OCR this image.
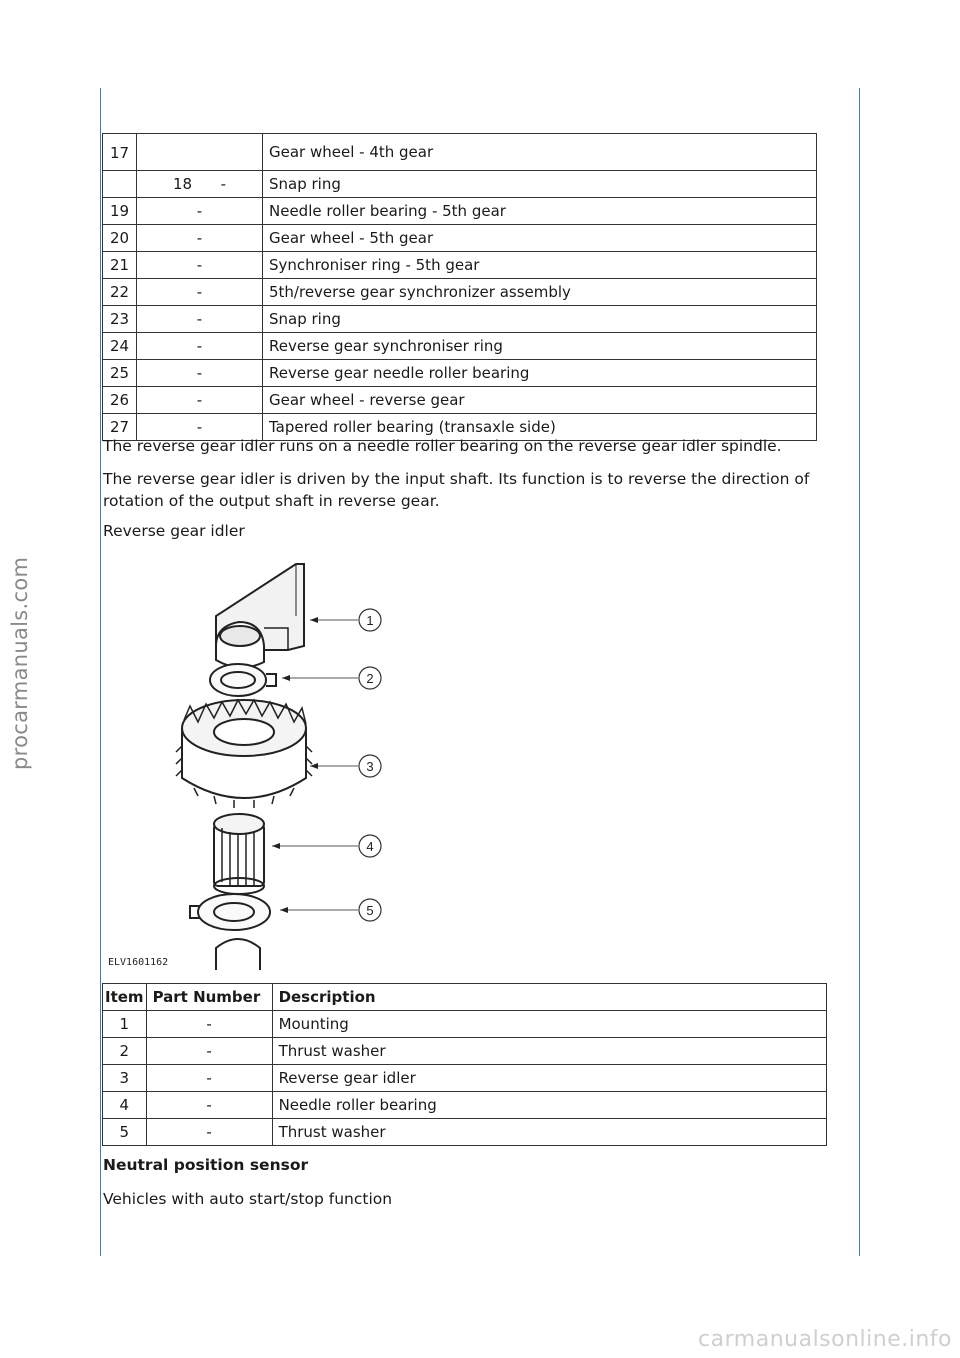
procarmanuals.com
carmanualsonline.info
17		Gear wheel - 4th gear
	18      -	Snap ring
19	-	Needle roller bearing - 5th gear
20	-	Gear wheel - 5th gear
21	-	Synchroniser ring - 5th gear
22	-	5th/reverse gear synchronizer assembly
23	-	Snap ring
24	-	Reverse gear synchroniser ring
25	-	Reverse gear needle roller bearing
26	-	Gear wheel - reverse gear
27	-	Tapered roller bearing (transaxle side)

The reverse gear idler runs on a needle roller bearing on the reverse gear idler spindle.

The reverse gear idler is driven by the input shaft. Its function is to reverse the direction of rotation of the output shaft in reverse gear.

Reverse gear idler

1
2
3
4
5
ELV1601162
Item	Part Number	Description
1	-	Mounting
2	-	Thrust washer
3	-	Reverse gear idler
4	-	Needle roller bearing
5	-	Thrust washer
Neutral position sensor

Vehicles with auto start/stop function
